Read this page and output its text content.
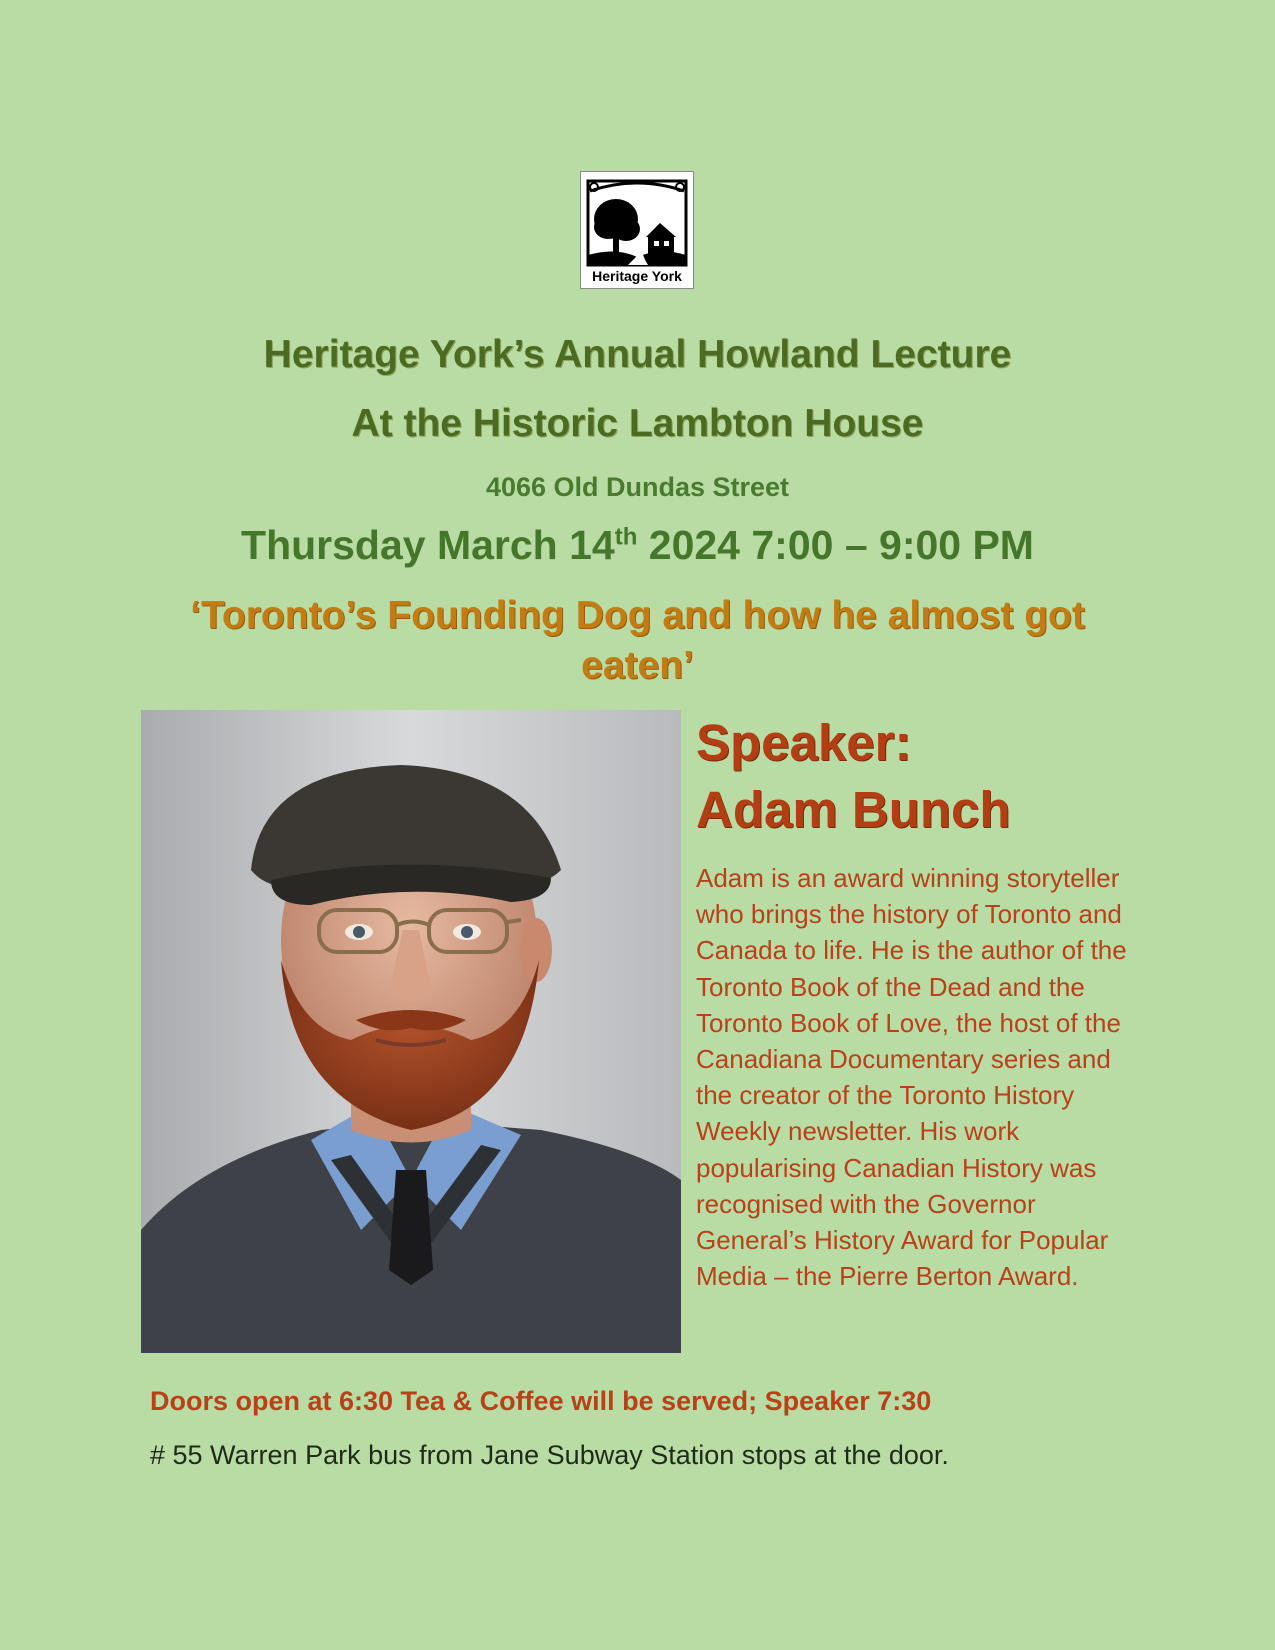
Heritage York
Heritage York’s Annual Howland Lecture
At the Historic Lambton House

4066 Old Dundas Street

Thursday March 14th 2024 7:00 – 9:00 PM

‘Toronto’s Founding Dog and how he almost got eaten’

Speaker:

Adam Bunch

Adam is an award winning storyteller who brings the history of Toronto and Canada to life. He is the author of the Toronto Book of the Dead and the Toronto Book of Love, the host of the Canadiana Documentary series and the creator of the Toronto History Weekly newsletter. His work popularising Canadian History was recognised with the Governor General’s History Award for Popular Media – the Pierre Berton Award.

Doors open at 6:30 Tea & Coffee will be served; Speaker 7:30

# 55 Warren Park bus from Jane Subway Station stops at the door.
